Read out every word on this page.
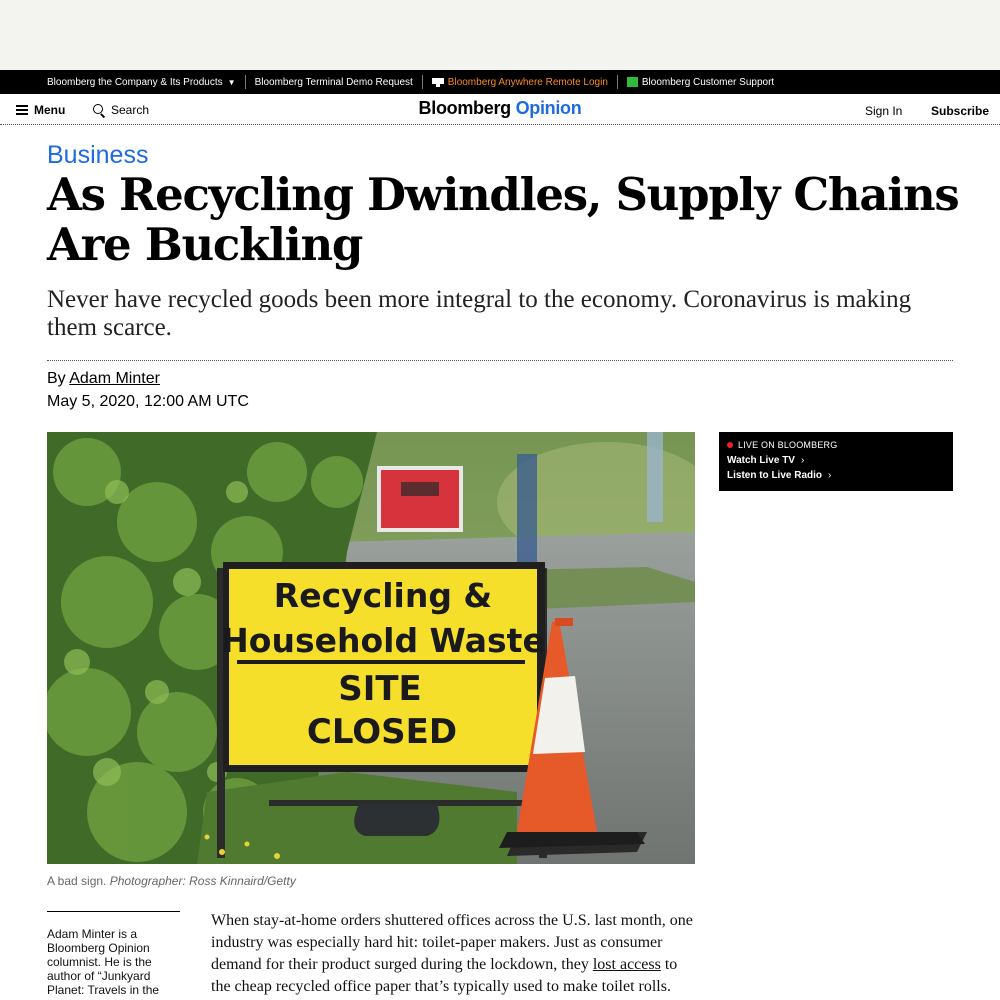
Bloomberg the Company & Its Products ▼ Bloomberg Terminal Demo Request	Bloomberg Anywhere Remote Login	Bloomberg Customer Support
Menu	Search	Bloomberg Opinion	Sign In Subscribe
Business
As Recycling Dwindles, Supply Chains Are Buckling

Never have recycled goods been more integral to the economy. Coronavirus is making them scarce.

By Adam Minter
May 5, 2020, 12:00 AM UTC
Recycling &
Household Waste
SITE
CLOSED
A bad sign. Photographer: Ross Kinnaird/Getty
LIVE ON BLOOMBERG
Watch Live TV ›
Listen to Live Radio ›
Adam Minter is a Bloomberg Opinion columnist. He is the author of “Junkyard Planet: Travels in the

When stay-at-home orders shuttered offices across the U.S. last month, one industry was especially hard hit: toilet-paper makers. Just as consumer demand for their product surged during the lockdown, they lost access to the cheap recycled office paper that’s typically used to make toilet rolls.
